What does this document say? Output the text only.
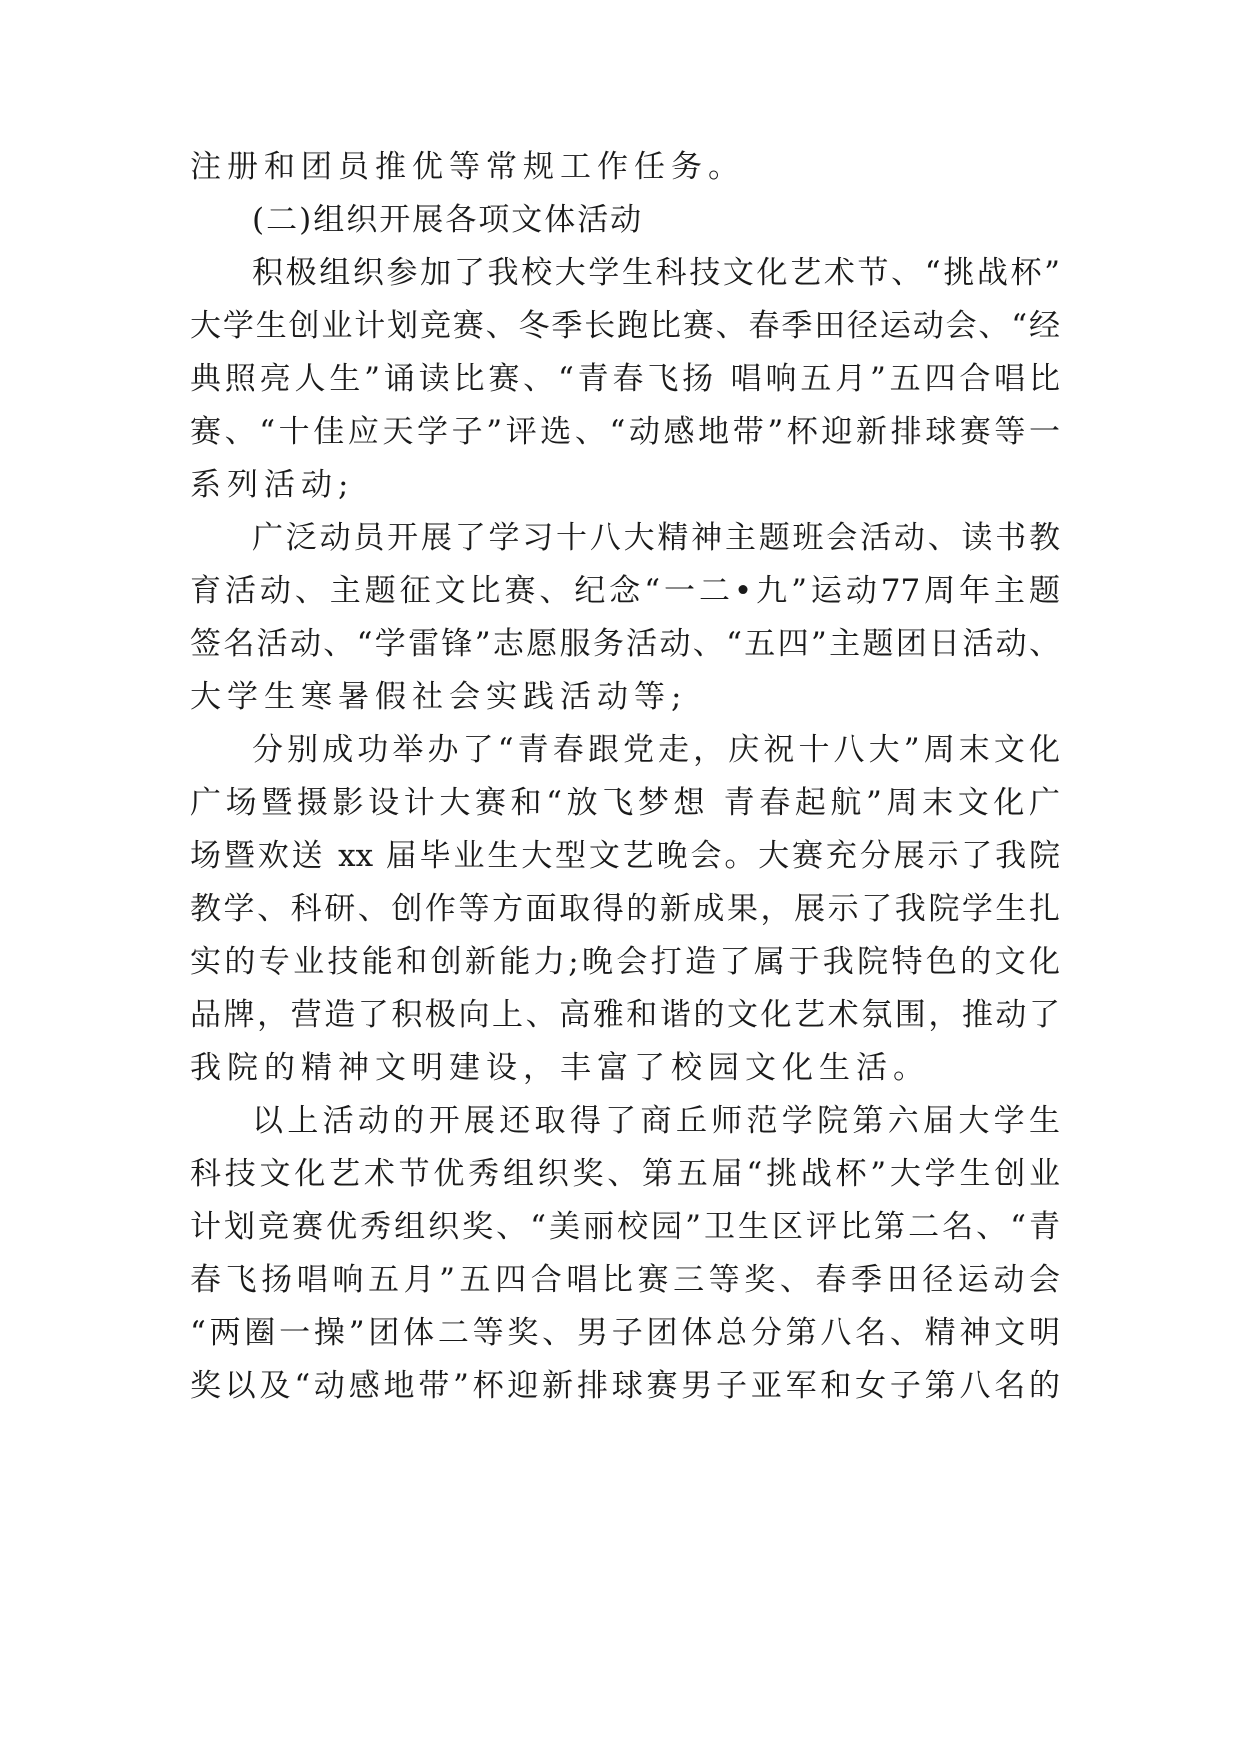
注册和团员推优等常规工作任务。

(二)组织开展各项文体活动

积极组织参加了我校大学生科技文化艺术节、“挑战杯”

大学生创业计划竞赛、冬季长跑比赛、春季田径运动会、“经

典照亮人生”诵读比赛、“青春飞扬 唱响五月”五四合唱比

赛、“十佳应天学子”评选、“动感地带”杯迎新排球赛等一

系列活动;

广泛动员开展了学习十八大精神主题班会活动、读书教

育活动、主题征文比赛、纪念“一二•九”运动77周年主题

签名活动、“学雷锋”志愿服务活动、“五四”主题团日活动、

大学生寒暑假社会实践活动等;

分别成功举办了“青春跟党走，庆祝十八大”周末文化

广场暨摄影设计大赛和“放飞梦想 青春起航”周末文化广

场暨欢送 xx 届毕业生大型文艺晚会。大赛充分展示了我院

教学、科研、创作等方面取得的新成果，展示了我院学生扎

实的专业技能和创新能力;晚会打造了属于我院特色的文化

品牌，营造了积极向上、高雅和谐的文化艺术氛围，推动了

我院的精神文明建设，丰富了校园文化生活。

以上活动的开展还取得了商丘师范学院第六届大学生

科技文化艺术节优秀组织奖、第五届“挑战杯”大学生创业

计划竞赛优秀组织奖、“美丽校园”卫生区评比第二名、“青

春飞扬唱响五月”五四合唱比赛三等奖、春季田径运动会

“两圈一操”团体二等奖、男子团体总分第八名、精神文明

奖以及“动感地带”杯迎新排球赛男子亚军和女子第八名的
